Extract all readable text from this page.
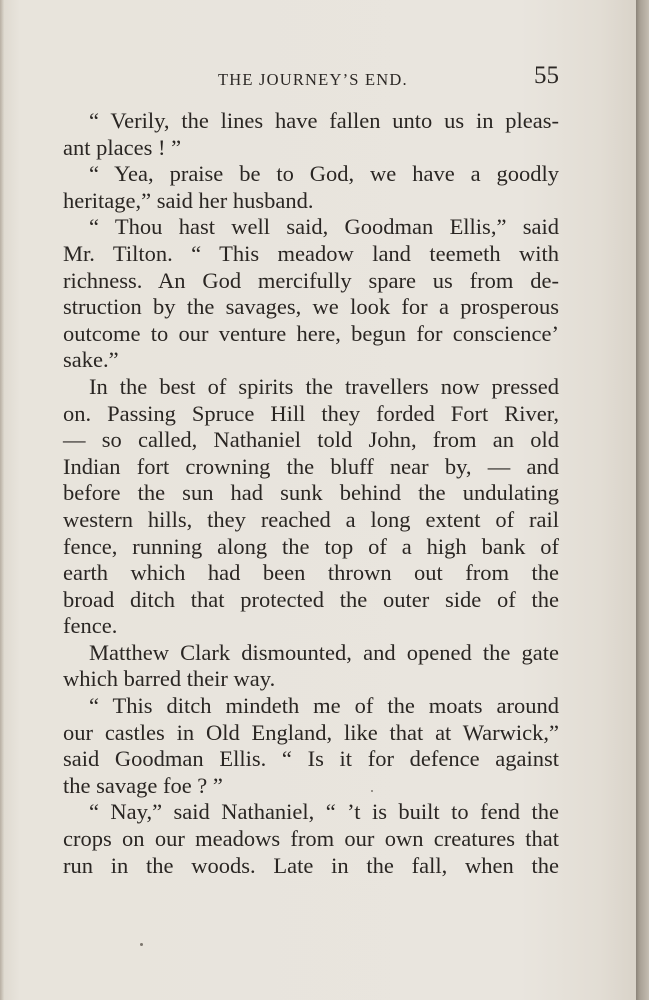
THE JOURNEY’S END.	55
“ Verily, the lines have fallen unto us in pleas-
ant places ! ”
“ Yea, praise be to God, we have a goodly
heritage,” said her husband.
“ Thou hast well said, Goodman Ellis,” said
Mr. Tilton. “ This meadow land teemeth with
richness. An God mercifully spare us from de-
struction by the savages, we look for a prosperous
outcome to our venture here, begun for conscience’
sake.”
In the best of spirits the travellers now pressed
on. Passing Spruce Hill they forded Fort River,
— so called, Nathaniel told John, from an old
Indian fort crowning the bluff near by, — and
before the sun had sunk behind the undulating
western hills, they reached a long extent of rail
fence, running along the top of a high bank of
earth which had been thrown out from the
broad ditch that protected the outer side of the
fence.
Matthew Clark dismounted, and opened the gate
which barred their way.
“ This ditch mindeth me of the moats around
our castles in Old England, like that at Warwick,”
said Goodman Ellis. “ Is it for defence against
the savage foe ? ”
“ Nay,” said Nathaniel, “ ’t is built to fend the
crops on our meadows from our own creatures that
run in the woods. Late in the fall, when the
